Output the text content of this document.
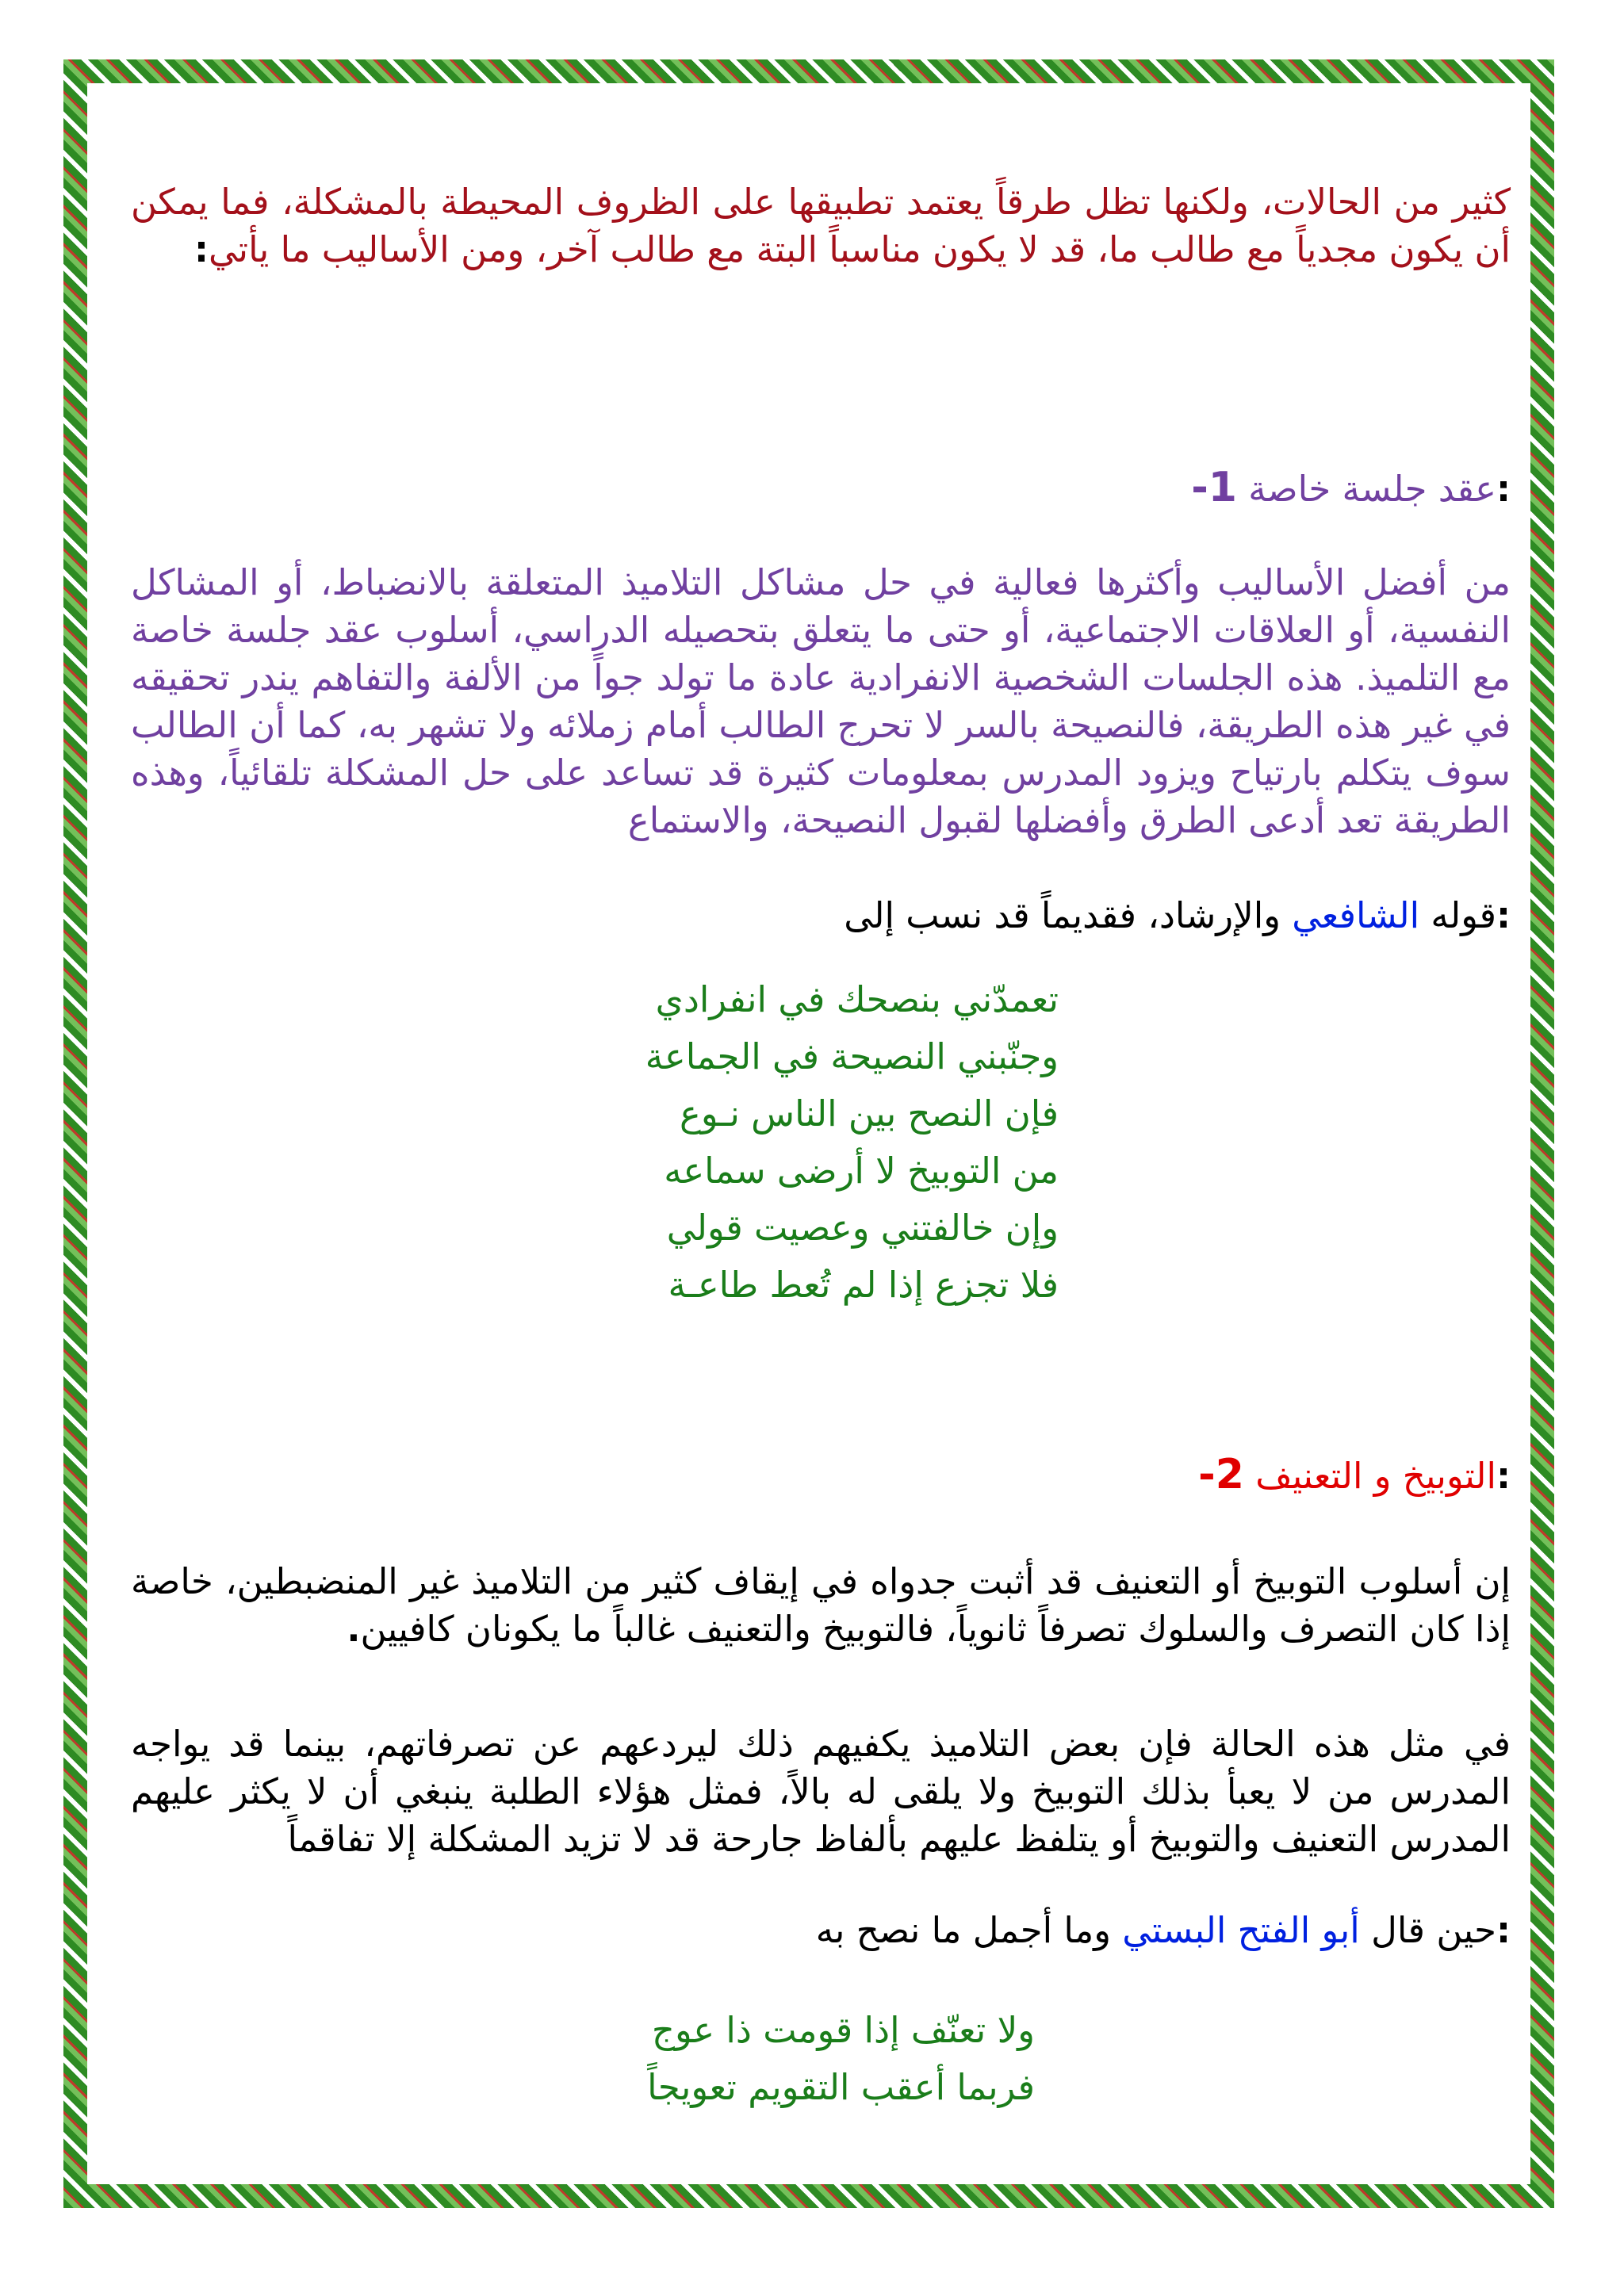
كثير من الحالات، ولكنها تظل طرقاً يعتمد تطبيقها على الظروف المحيطة بالمشكلة، فما يمكن أن يكون مجدياً مع طالب ما، قد لا يكون مناسباً البتة مع طالب آخر، ومن الأساليب ما يأتي:
:عقد جلسة خاصة 1-
من أفضل الأساليب وأكثرها فعالية في حل مشاكل التلاميذ المتعلقة بالانضباط، أو المشاكل النفسية، أو العلاقات الاجتماعية، أو حتى ما يتعلق بتحصيله الدراسي، أسلوب عقد جلسة خاصة مع التلميذ. هذه الجلسات الشخصية الانفرادية عادة ما تولد جواً من الألفة والتفاهم يندر تحقيقه في غير هذه الطريقة، فالنصيحة بالسر لا تحرج الطالب أمام زملائه ولا تشهر به، كما أن الطالب سوف يتكلم بارتياح ويزود المدرس بمعلومات كثيرة قد تساعد على حل المشكلة تلقائياً، وهذه الطريقة تعد أدعى الطرق وأفضلها لقبول النصيحة، والاستماع
:قوله الشافعي والإرشاد، فقديماً قد نسب إلى
تعمدّني بنصحك في انفرادي
وجنّبني النصيحة في الجماعة
فإن النصح بين الناس نـوع
من التوبيخ لا أرضى سماعه
وإن خالفتني وعصيت قولي
فلا تجزع إذا لم تُعط طاعـة
:التوبيخ و التعنيف 2-
إن أسلوب التوبيخ أو التعنيف قد أثبت جدواه في إيقاف كثير من التلاميذ غير المنضبطين، خاصة إذا كان التصرف والسلوك تصرفاً ثانوياً، فالتوبيخ والتعنيف غالباً ما يكونان كافيين.
في مثل هذه الحالة فإن بعض التلاميذ يكفيهم ذلك ليردعهم عن تصرفاتهم، بينما قد يواجه المدرس من لا يعبأ بذلك التوبيخ ولا يلقى له بالاً، فمثل هؤلاء الطلبة ينبغي أن لا يكثر عليهم المدرس التعنيف والتوبيخ أو يتلفظ عليهم بألفاظ جارحة قد لا تزيد المشكلة إلا تفاقماً
:حين قال أبو الفتح البستي وما أجمل ما نصح به
ولا تعنّف إذا قومت ذا عوج
فربما أعقب التقويم تعويجاً
